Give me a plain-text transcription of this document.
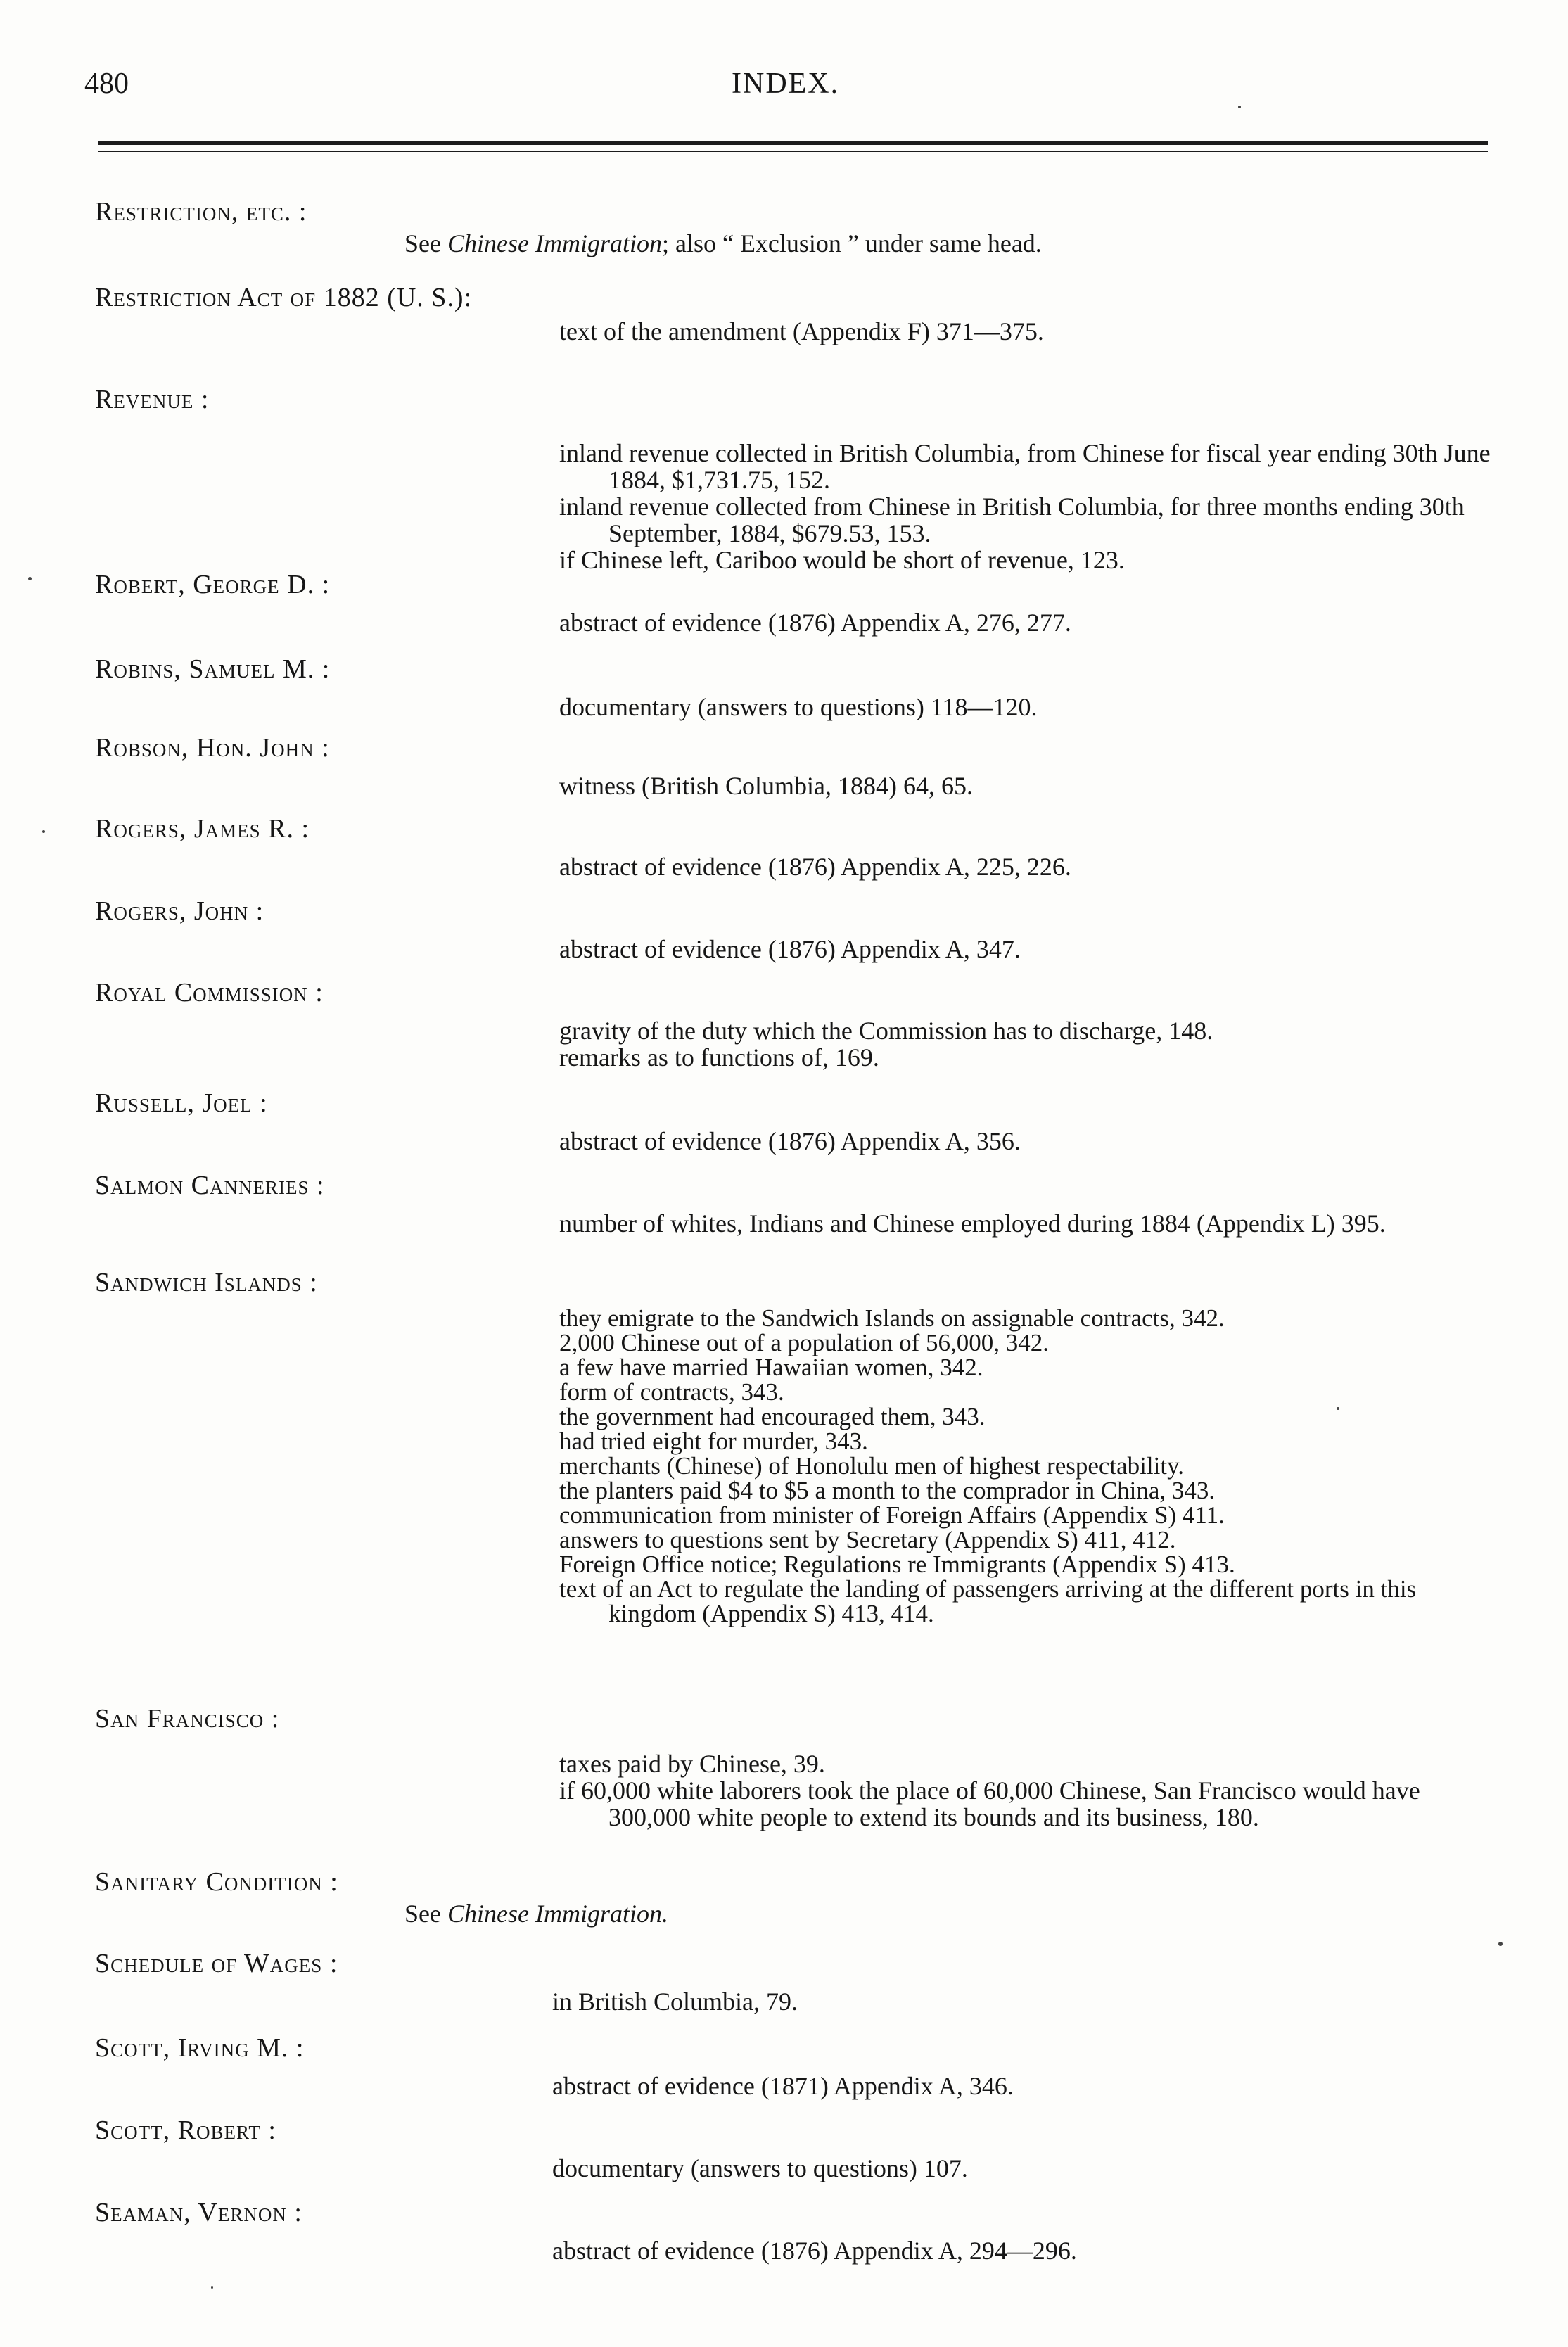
480	INDEX.
Restriction, etc. :
See Chinese Immigration; also “ Exclusion ” under same head.
Restriction Act of 1882 (U. S.):
text of the amendment (Appendix F) 371—375.
Revenue :
inland revenue collected in British Columbia, from Chinese for fiscal year ending 30th June 1884, $1,731.75, 152.
inland revenue collected from Chinese in British Columbia, for three months ending 30th September, 1884, $679.53, 153.
if Chinese left, Cariboo would be short of revenue, 123.
Robert, George D. :
abstract of evidence (1876) Appendix A, 276, 277.
Robins, Samuel M. :
documentary (answers to questions) 118—120.
Robson, Hon. John :
witness (British Columbia, 1884) 64, 65.
Rogers, James R. :
abstract of evidence (1876) Appendix A, 225, 226.
Rogers, John :
abstract of evidence (1876) Appendix A, 347.
Royal Commission :
gravity of the duty which the Commission has to discharge, 148.
remarks as to functions of, 169.
Russell, Joel :
abstract of evidence (1876) Appendix A, 356.
Salmon Canneries :
number of whites, Indians and Chinese employed during 1884 (Appendix L) 395.
Sandwich Islands :
they emigrate to the Sandwich Islands on assignable contracts, 342.
2,000 Chinese out of a population of 56,000, 342.
a few have married Hawaiian women, 342.
form of contracts, 343.
the government had encouraged them, 343.
had tried eight for murder, 343.
merchants (Chinese) of Honolulu men of highest respectability.
the planters paid $4 to $5 a month to the comprador in China, 343.
communication from minister of Foreign Affairs (Appendix S) 411.
answers to questions sent by Secretary (Appendix S) 411, 412.
Foreign Office notice; Regulations re Immigrants (Appendix S) 413.
text of an Act to regulate the landing of passengers arriving at the different ports in this kingdom (Appendix S) 413, 414.
San Francisco :
taxes paid by Chinese, 39.
if 60,000 white laborers took the place of 60,000 Chinese, San Francisco would have 300,000 white people to extend its bounds and its business, 180.
Sanitary Condition :
See Chinese Immigration.
Schedule of Wages :
in British Columbia, 79.
Scott, Irving M. :
abstract of evidence (1871) Appendix A, 346.
Scott, Robert :
documentary (answers to questions) 107.
Seaman, Vernon :
abstract of evidence (1876) Appendix A, 294—296.
